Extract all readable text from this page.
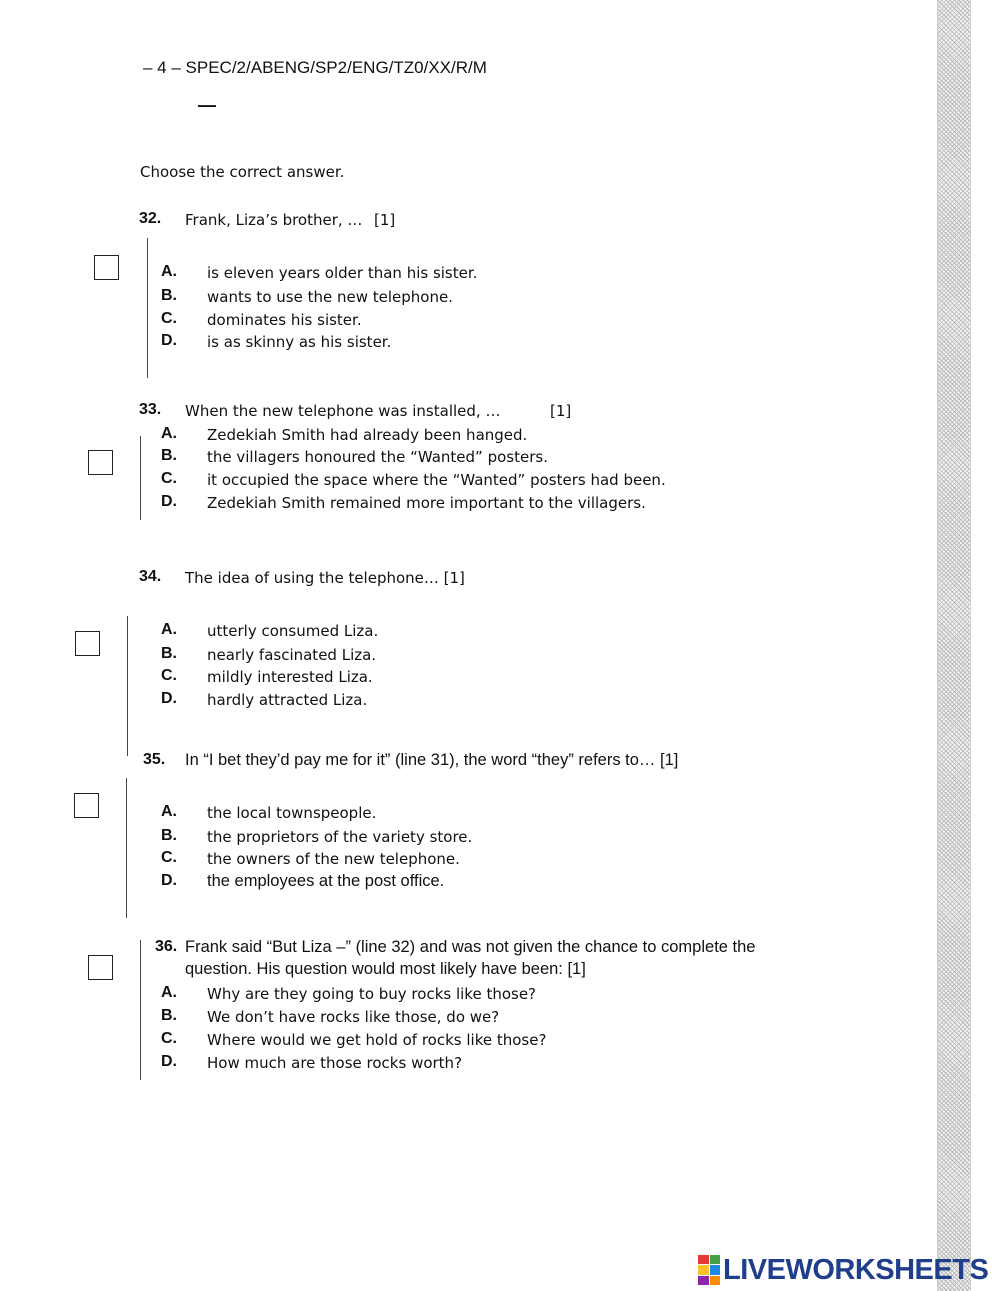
– 4 – SPEC/2/ABENG/SP2/ENG/TZ0/XX/R/M
—
Choose the correct answer.
32. Frank, Liza’s brother, … [1]
A. is eleven years older than his sister.
B. wants to use the new telephone.
C. dominates his sister.
D. is as skinny as his sister.
33. When the new telephone was installed, …	[1]
A. Zedekiah Smith had already been hanged.
B. the villagers honoured the “Wanted” posters.
C. it occupied the space where the “Wanted” posters had been.
D. Zedekiah Smith remained more important to the villagers.
34. The idea of using the telephone… [1]
A. utterly consumed Liza.
B. nearly fascinated Liza.
C. mildly interested Liza.
D. hardly attracted Liza.
35. In “I bet they’d pay me for it” (line 31), the word “they” refers to… [1]
A. the local townspeople.
B. the proprietors of the variety store.
C. the owners of the new telephone.
D. the employees at the post office.
36. Frank said “But Liza –” (line 32) and was not given the chance to complete the
question. His question would most likely have been: [1]
A. Why are they going to buy rocks like those?
B. We don’t have rocks like those, do we?
C. Where would we get hold of rocks like those?
D. How much are those rocks worth?
LIVEWORKSHEETS
